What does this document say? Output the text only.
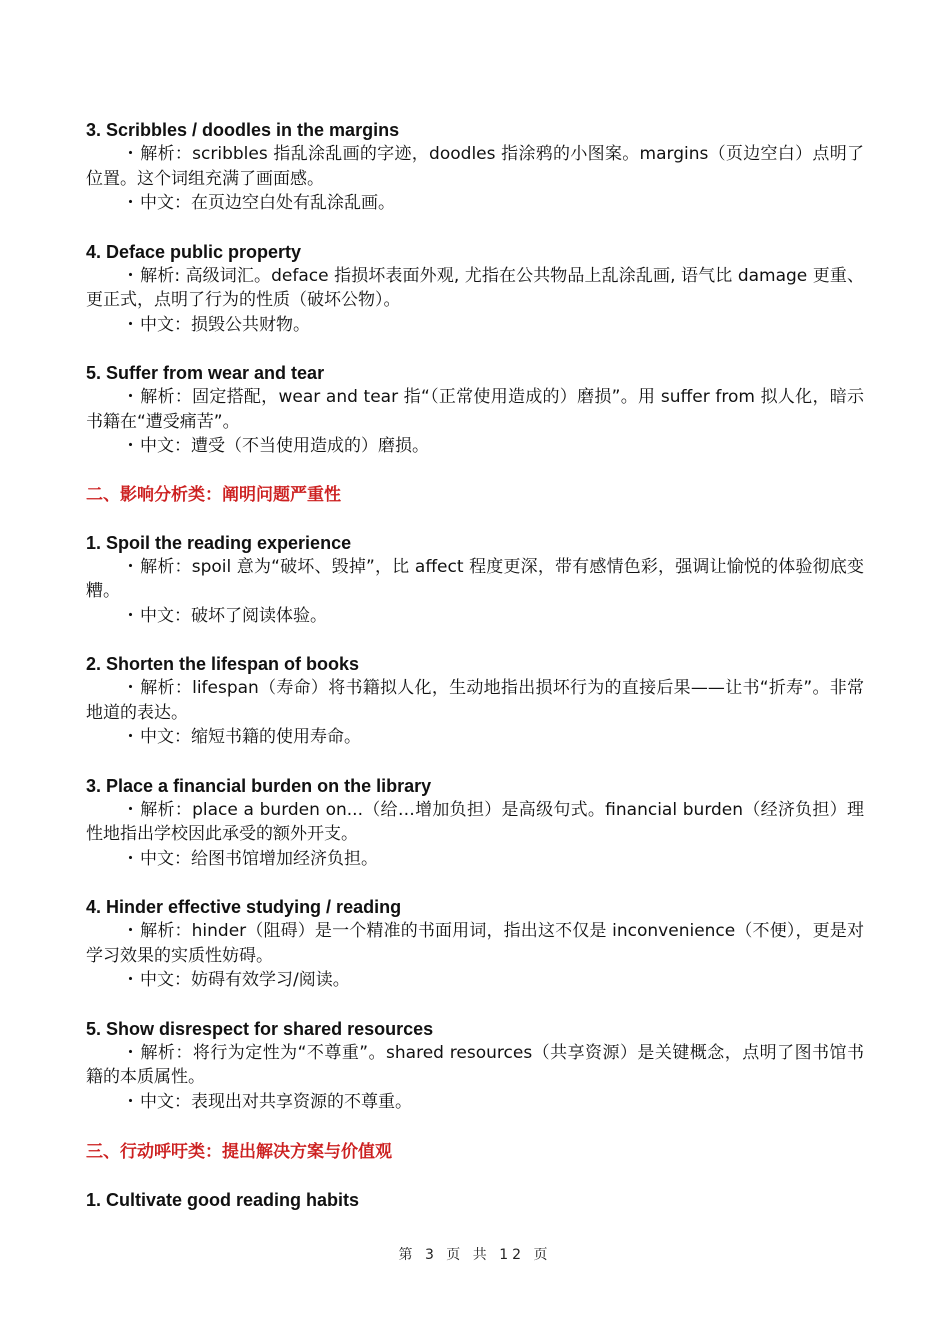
3. Scribbles / doodles in the margins
・解析：scribbles 指乱涂乱画的字迹，doodles 指涂鸦的小图案。margins（页边空白）点明了位置。这个词组充满了画面感。
・中文：在页边空白处有乱涂乱画。
4. Deface public property
・解析: 高级词汇。deface 指损坏表面外观, 尤指在公共物品上乱涂乱画, 语气比 damage 更重、更正式，点明了行为的性质（破坏公物）。
・中文：损毁公共财物。
5. Suffer from wear and tear
・解析：固定搭配，wear and tear 指“（正常使用造成的）磨损”。用 suffer from 拟人化，暗示书籍在“遭受痛苦”。
・中文：遭受（不当使用造成的）磨损。
二、影响分析类：阐明问题严重性
1. Spoil the reading experience
・解析：spoil 意为“破坏、毁掉”，比 affect 程度更深，带有感情色彩，强调让愉悦的体验彻底变糟。
・中文：破坏了阅读体验。
2. Shorten the lifespan of books
・解析：lifespan（寿命）将书籍拟人化，生动地指出损坏行为的直接后果——让书“折寿”。非常地道的表达。
・中文：缩短书籍的使用寿命。
3. Place a financial burden on the library
・解析：place a burden on...（给…增加负担）是高级句式。financial burden（经济负担）理性地指出学校因此承受的额外开支。
・中文：给图书馆增加经济负担。
4. Hinder effective studying / reading
・解析：hinder（阻碍）是一个精准的书面用词，指出这不仅是 inconvenience（不便），更是对学习效果的实质性妨碍。
・中文：妨碍有效学习/阅读。
5. Show disrespect for shared resources
・解析：将行为定性为“不尊重”。shared resources（共享资源）是关键概念，点明了图书馆书籍的本质属性。
・中文：表现出对共享资源的不尊重。
三、行动呼吁类：提出解决方案与价值观
1. Cultivate good reading habits
第 3 页 共 12 页
